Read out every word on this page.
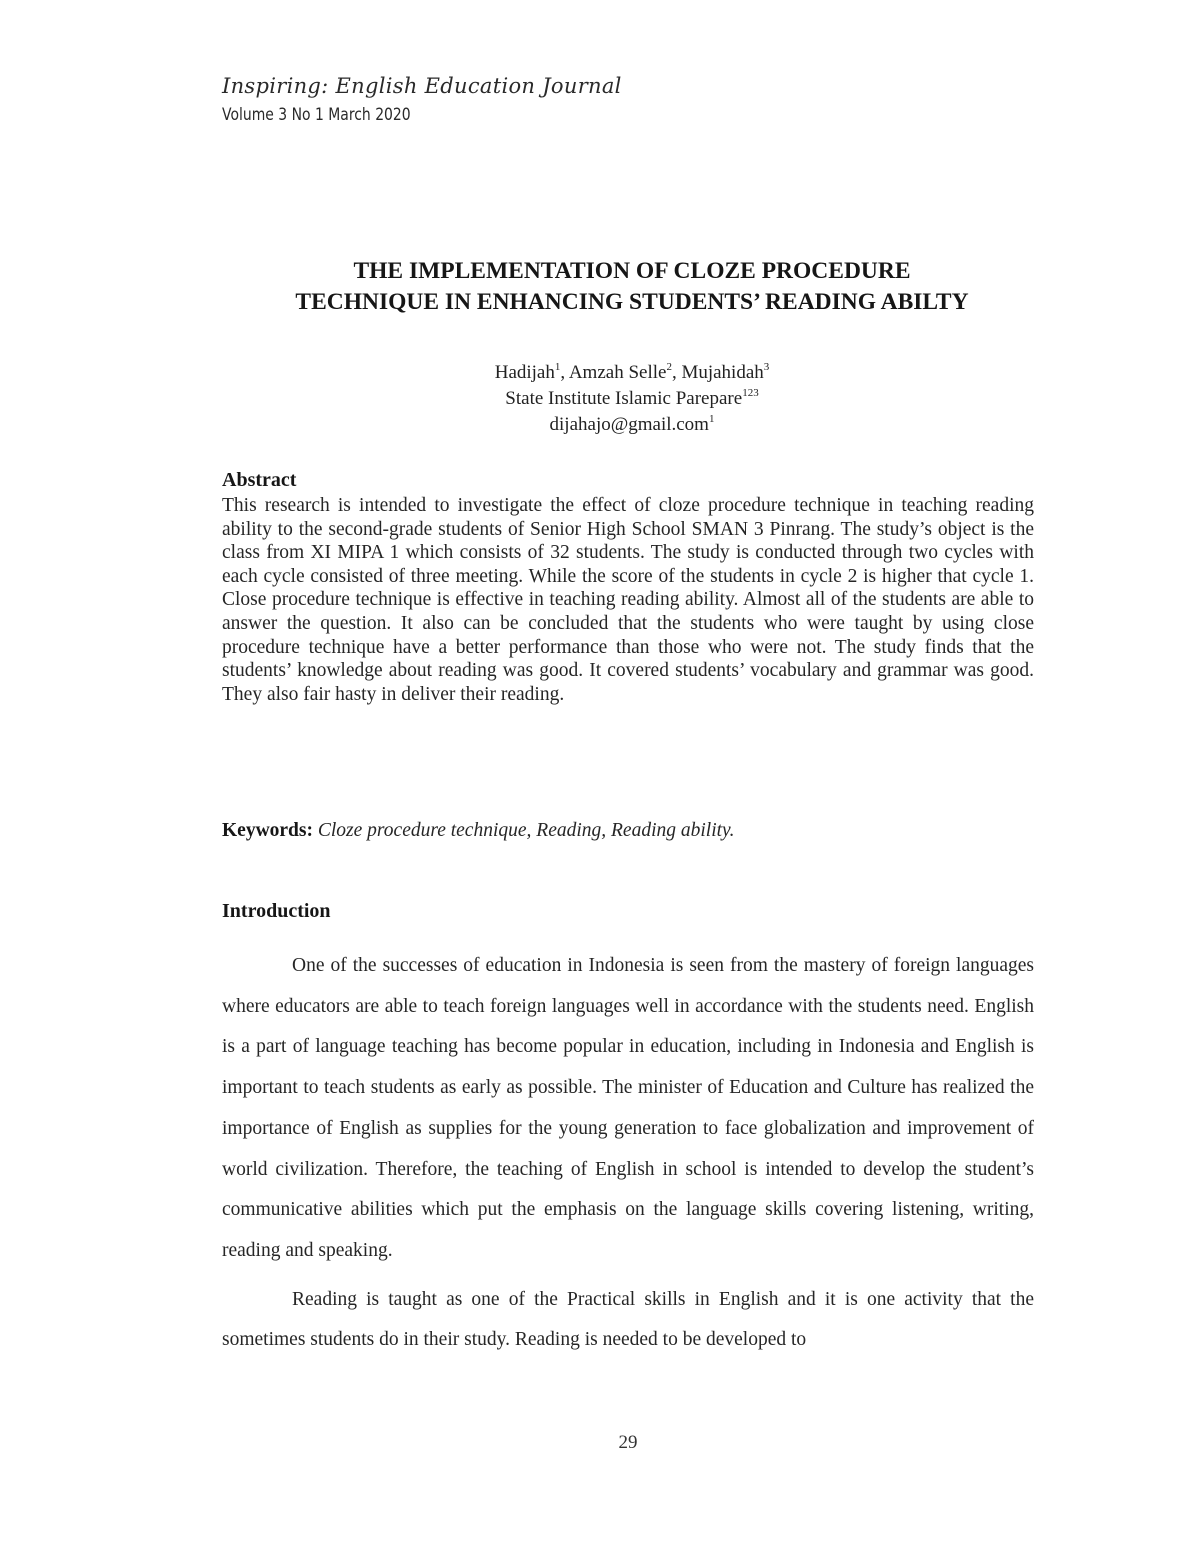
Inspiring: English Education Journal
Volume 3 No 1 March 2020
THE IMPLEMENTATION OF CLOZE PROCEDURE
TECHNIQUE IN ENHANCING STUDENTS’ READING ABILTY
Hadijah$^1$, Amzah Selle$^2$, Mujahidah$^3$
State Institute Islamic Parepare$^{123}$
dijahajo@gmail.com$^1$
Abstract

This research is intended to investigate the effect of cloze procedure technique in teaching reading ability to the second-grade students of Senior High School SMAN 3 Pinrang. The study’s object is the class from XI MIPA 1 which consists of 32 students. The study is conducted through two cycles with each cycle consisted of three meeting. While the score of the students in cycle 2 is higher that cycle 1. Close procedure technique is effective in teaching reading ability. Almost all of the students are able to answer the question. It also can be concluded that the students who were taught by using close procedure technique have a better performance than those who were not. The study finds that the students’ knowledge about reading was good. It covered students’ vocabulary and grammar was good. They also fair hasty in deliver their reading.

Keywords: Cloze procedure technique, Reading, Reading ability.
Introduction

One of the successes of education in Indonesia is seen from the mastery of foreign languages where educators are able to teach foreign languages well in accordance with the students need. English is a part of language teaching has become popular in education, including in Indonesia and English is important to teach students as early as possible. The minister of Education and Culture has realized the importance of English as supplies for the young generation to face globalization and improvement of world civilization. Therefore, the teaching of English in school is intended to develop the student’s communicative abilities which put the emphasis on the language skills covering listening, writing, reading and speaking.

Reading is taught as one of the Practical skills in English and it is one activity that the sometimes students do in their study. Reading is needed to be developed to

29
